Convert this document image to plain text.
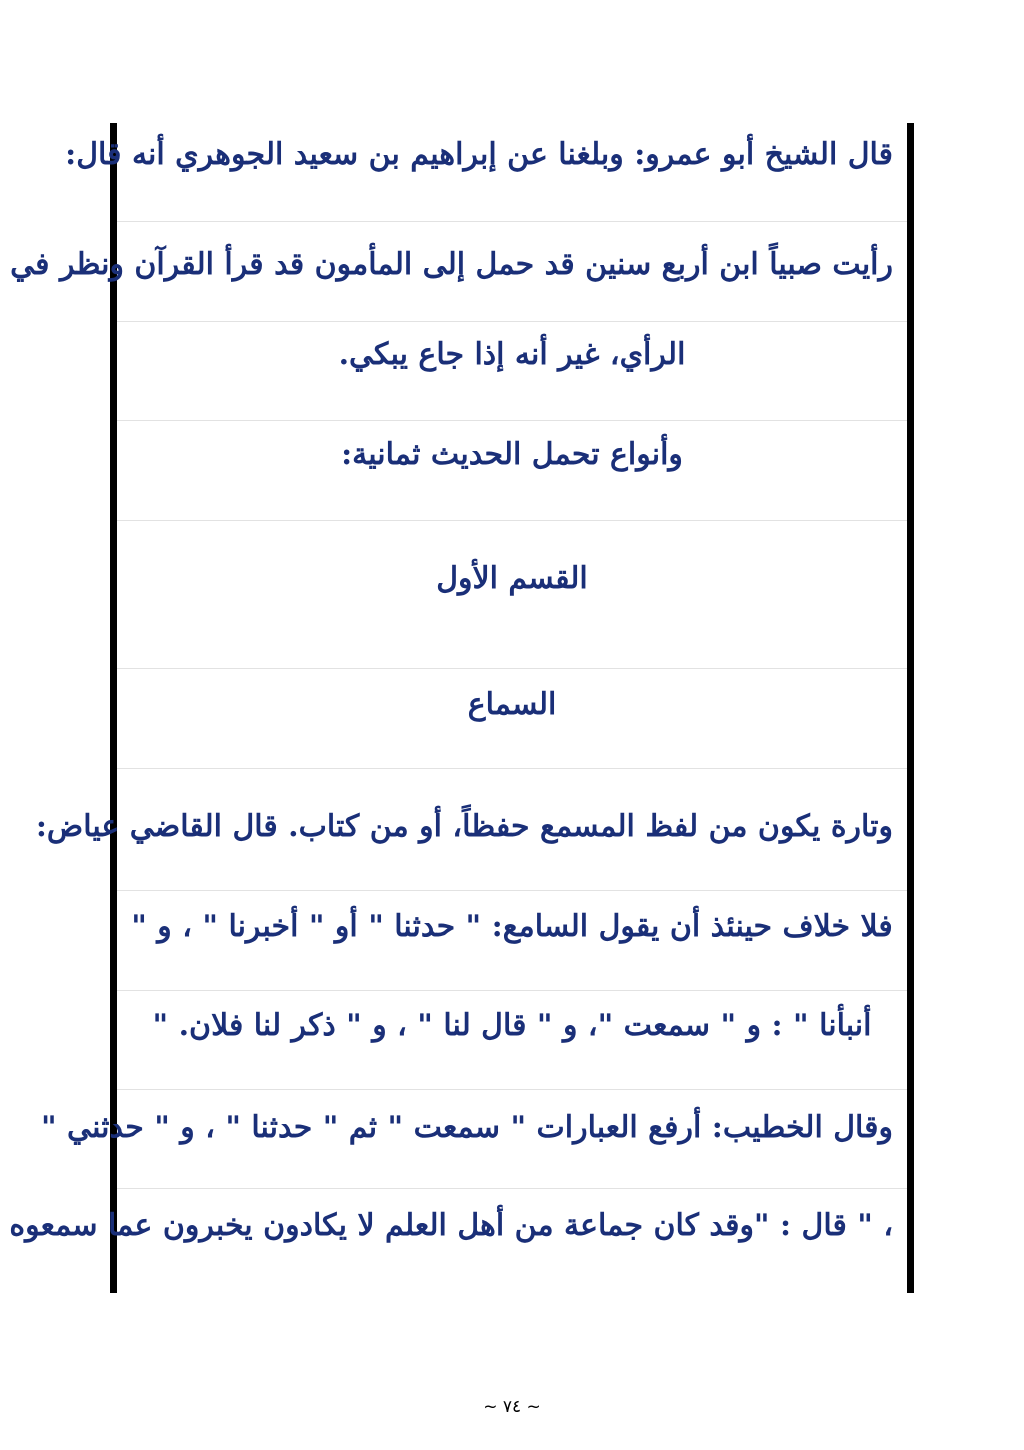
قال الشيخ أبو عمرو: وبلغنا عن إبراهيم بن سعيد الجوهري أنه قال:
رأيت صبياً ابن أربع سنين قد حمل إلى المأمون قد قرأ القرآن ونظر في
الرأي، غير أنه إذا جاع يبكي.
وأنواع تحمل الحديث ثمانية:
القسم الأول
السماع
وتارة يكون من لفظ المسمع حفظاً، أو من كتاب. قال القاضي عياض:
فلا خلاف حينئذ أن يقول السامع: " حدثنا " أو " أخبرنا " ، و "
أنبأنا " : و " سمعت "، و " قال لنا " ، و " ذكر لنا فلان. "
وقال الخطيب: أرفع العبارات " سمعت " ثم " حدثنا " ، و " حدثني "
، " قال : "وقد كان جماعة من أهل العلم لا يكادون يخبرون عما سمعوه
~ ٧٤ ~
